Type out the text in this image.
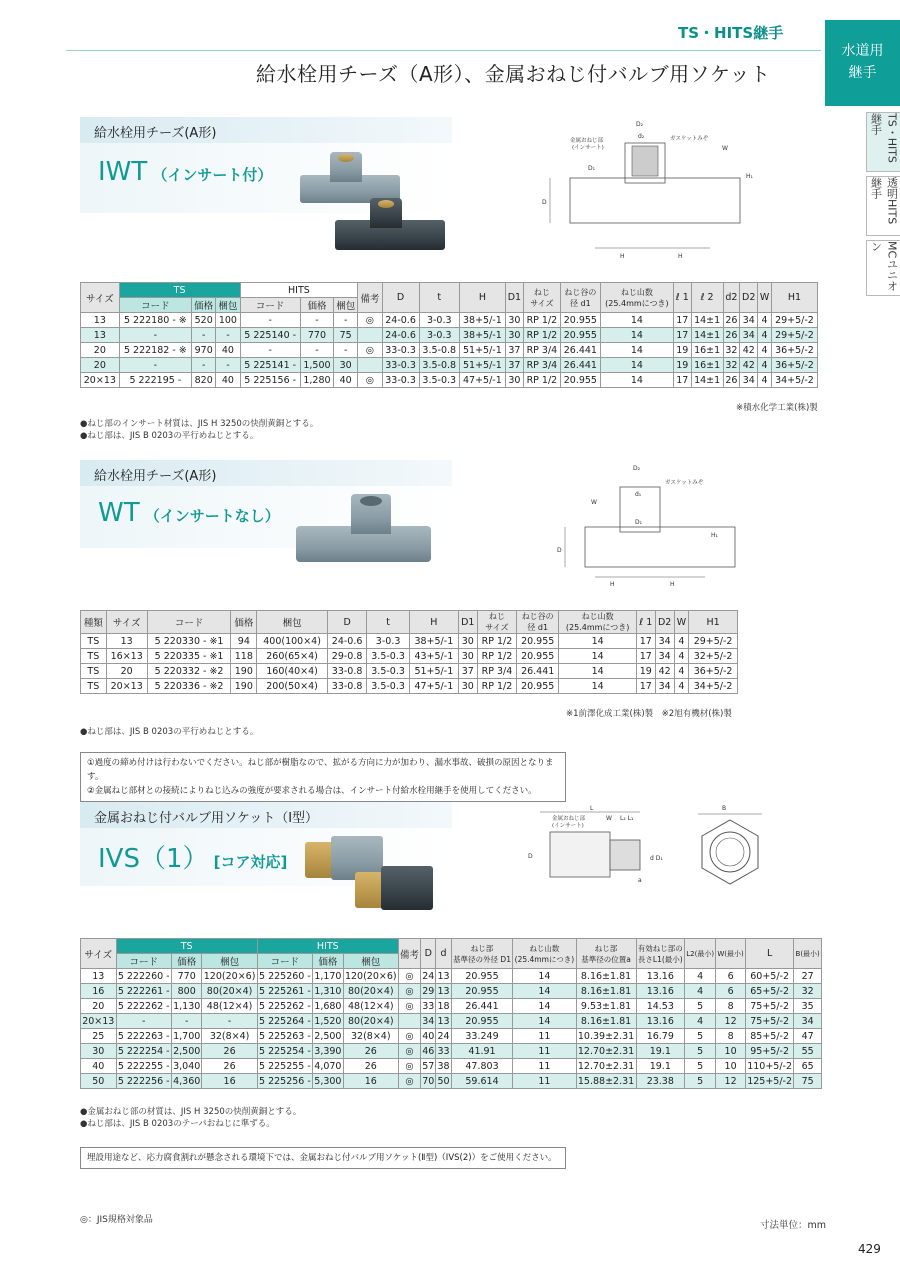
TS・HITS継手
給水栓用チーズ（A形）、金属おねじ付バルブ用ソケット
水道用
継手
TS・HITS継手
透明HITS継手
MCユニオン
給水栓用チーズ(A形)
IWT （インサート付）
金属おねじ部
(インサート)
ガスケットみぞ
D₂
d₂
D₁
D
H	H
W
H₁
サイズ	TS			HITS			備考	D	t	H	D1	ねじ
サイズ	ねじ谷の
径 d1	ねじ山数
(25.4mmにつき)	ℓ 1	ℓ 2	d2	D2	W	H1
	コード	価格	梱包	コード	価格	梱包														
13	5 222180 - ※	520	100	-	-	-	◎	24-0.6	3-0.3	38+5/-1	30	RP 1/2	20.955	14	17	14±1	26	34	4	29+5/-2
13	-	-	-	5 225140 -	770	75		24-0.6	3-0.3	38+5/-1	30	RP 1/2	20.955	14	17	14±1	26	34	4	29+5/-2
20	5 222182 - ※	970	40	-	-	-	◎	33-0.3	3.5-0.8	51+5/-1	37	RP 3/4	26.441	14	19	16±1	32	42	4	36+5/-2
20	-	-	-	5 225141 -	1,500	30		33-0.3	3.5-0.8	51+5/-1	37	RP 3/4	26.441	14	19	16±1	32	42	4	36+5/-2
20×13	5 222195 -	820	40	5 225156 -	1,280	40	◎	33-0.3	3.5-0.3	47+5/-1	30	RP 1/2	20.955	14	17	14±1	26	34	4	34+5/-2
※積水化学工業(株)製
●ねじ部のインサート材質は、JIS H 3250の快削黄銅とする。
●ねじ部は、JIS B 0203の平行めねじとする。
給水栓用チーズ(A形)
WT （インサートなし）
ガスケットみぞ
D₂
d₁
D₁
D
H	H
W
H₁
種類	サイズ	コード	価格	梱包	D	t	H	D1	ねじ
サイズ	ねじ谷の
径 d1	ねじ山数
(25.4mmにつき)	ℓ 1	D2	W	H1

TS	13	5 220330 - ※1	94	400(100×4)	24-0.6	3-0.3	38+5/-1	30	RP 1/2	20.955	14	17	34	4	29+5/-2
TS	16×13	5 220335 - ※1	118	260(65×4)	29-0.8	3.5-0.3	43+5/-1	30	RP 1/2	20.955	14	17	34	4	32+5/-2
TS	20	5 220332 - ※2	190	160(40×4)	33-0.8	3.5-0.3	51+5/-1	37	RP 3/4	26.441	14	19	42	4	36+5/-2
TS	20×13	5 220336 - ※2	190	200(50×4)	33-0.8	3.5-0.3	47+5/-1	30	RP 1/2	20.955	14	17	34	4	34+5/-2
※1前澤化成工業(株)製　※2旭有機材(株)製
●ねじ部は、JIS B 0203の平行めねじとする。
①過度の締め付けは行わないでください。ねじ部が樹脂なので、拡がる方向に力が加わり、漏水事故、破損の原因となります。
②金属ねじ部材との接続によりねじ込みの強度が要求される場合は、インサート付給水栓用継手を使用してください。
金属おねじ付バルブ用ソケット（Ⅰ型）
IVS（1） [コア対応]
L
金属おねじ部
(インサート)
W L₂ L₁
D	d D₁
a
B
サイズ	TS			HITS			備考	D	d	ねじ部
基準径の外径 D1	ねじ山数
(25.4mmにつき)	ねじ部
基準径の位置a	有効ねじ部の
長さL1(最小)	L2(最小)	W(最小)	L	B(最小)
	コード	価格	梱包	コード	価格	梱包											
13	5 222260 -	770	120(20×6)	5 225260 -	1,170	120(20×6)	◎	24	13	20.955	14	8.16±1.81	13.16	4	6	60+5/-2	27
16	5 222261 -	800	80(20×4)	5 225261 -	1,310	80(20×4)	◎	29	13	20.955	14	8.16±1.81	13.16	4	6	65+5/-2	32
20	5 222262 -	1,130	48(12×4)	5 225262 -	1,680	48(12×4)	◎	33	18	26.441	14	9.53±1.81	14.53	5	8	75+5/-2	35
20×13	-	-	-	5 225264 -	1,520	80(20×4)		34	13	20.955	14	8.16±1.81	13.16	4	12	75+5/-2	34
25	5 222263 -	1,700	32(8×4)	5 225263 -	2,500	32(8×4)	◎	40	24	33.249	11	10.39±2.31	16.79	5	8	85+5/-2	47
30	5 222254 -	2,500	26	5 225254 -	3,390	26	◎	46	33	41.91	11	12.70±2.31	19.1	5	10	95+5/-2	55
40	5 222255 -	3,040	26	5 225255 -	4,070	26	◎	57	38	47.803	11	12.70±2.31	19.1	5	10	110+5/-2	65
50	5 222256 -	4,360	16	5 225256 -	5,300	16	◎	70	50	59.614	11	15.88±2.31	23.38	5	12	125+5/-2	75
●金属おねじ部の材質は、JIS H 3250の快削黄銅とする。
●ねじ部は、JIS B 0203のテーパおねじに準ずる。
埋設用途など、応力腐食割れが懸念される環境下では、金属おねじ付バルブ用ソケット(Ⅱ型)（IVS(2)）をご使用ください。
◎：JIS規格対象品	寸法単位：mm
429
